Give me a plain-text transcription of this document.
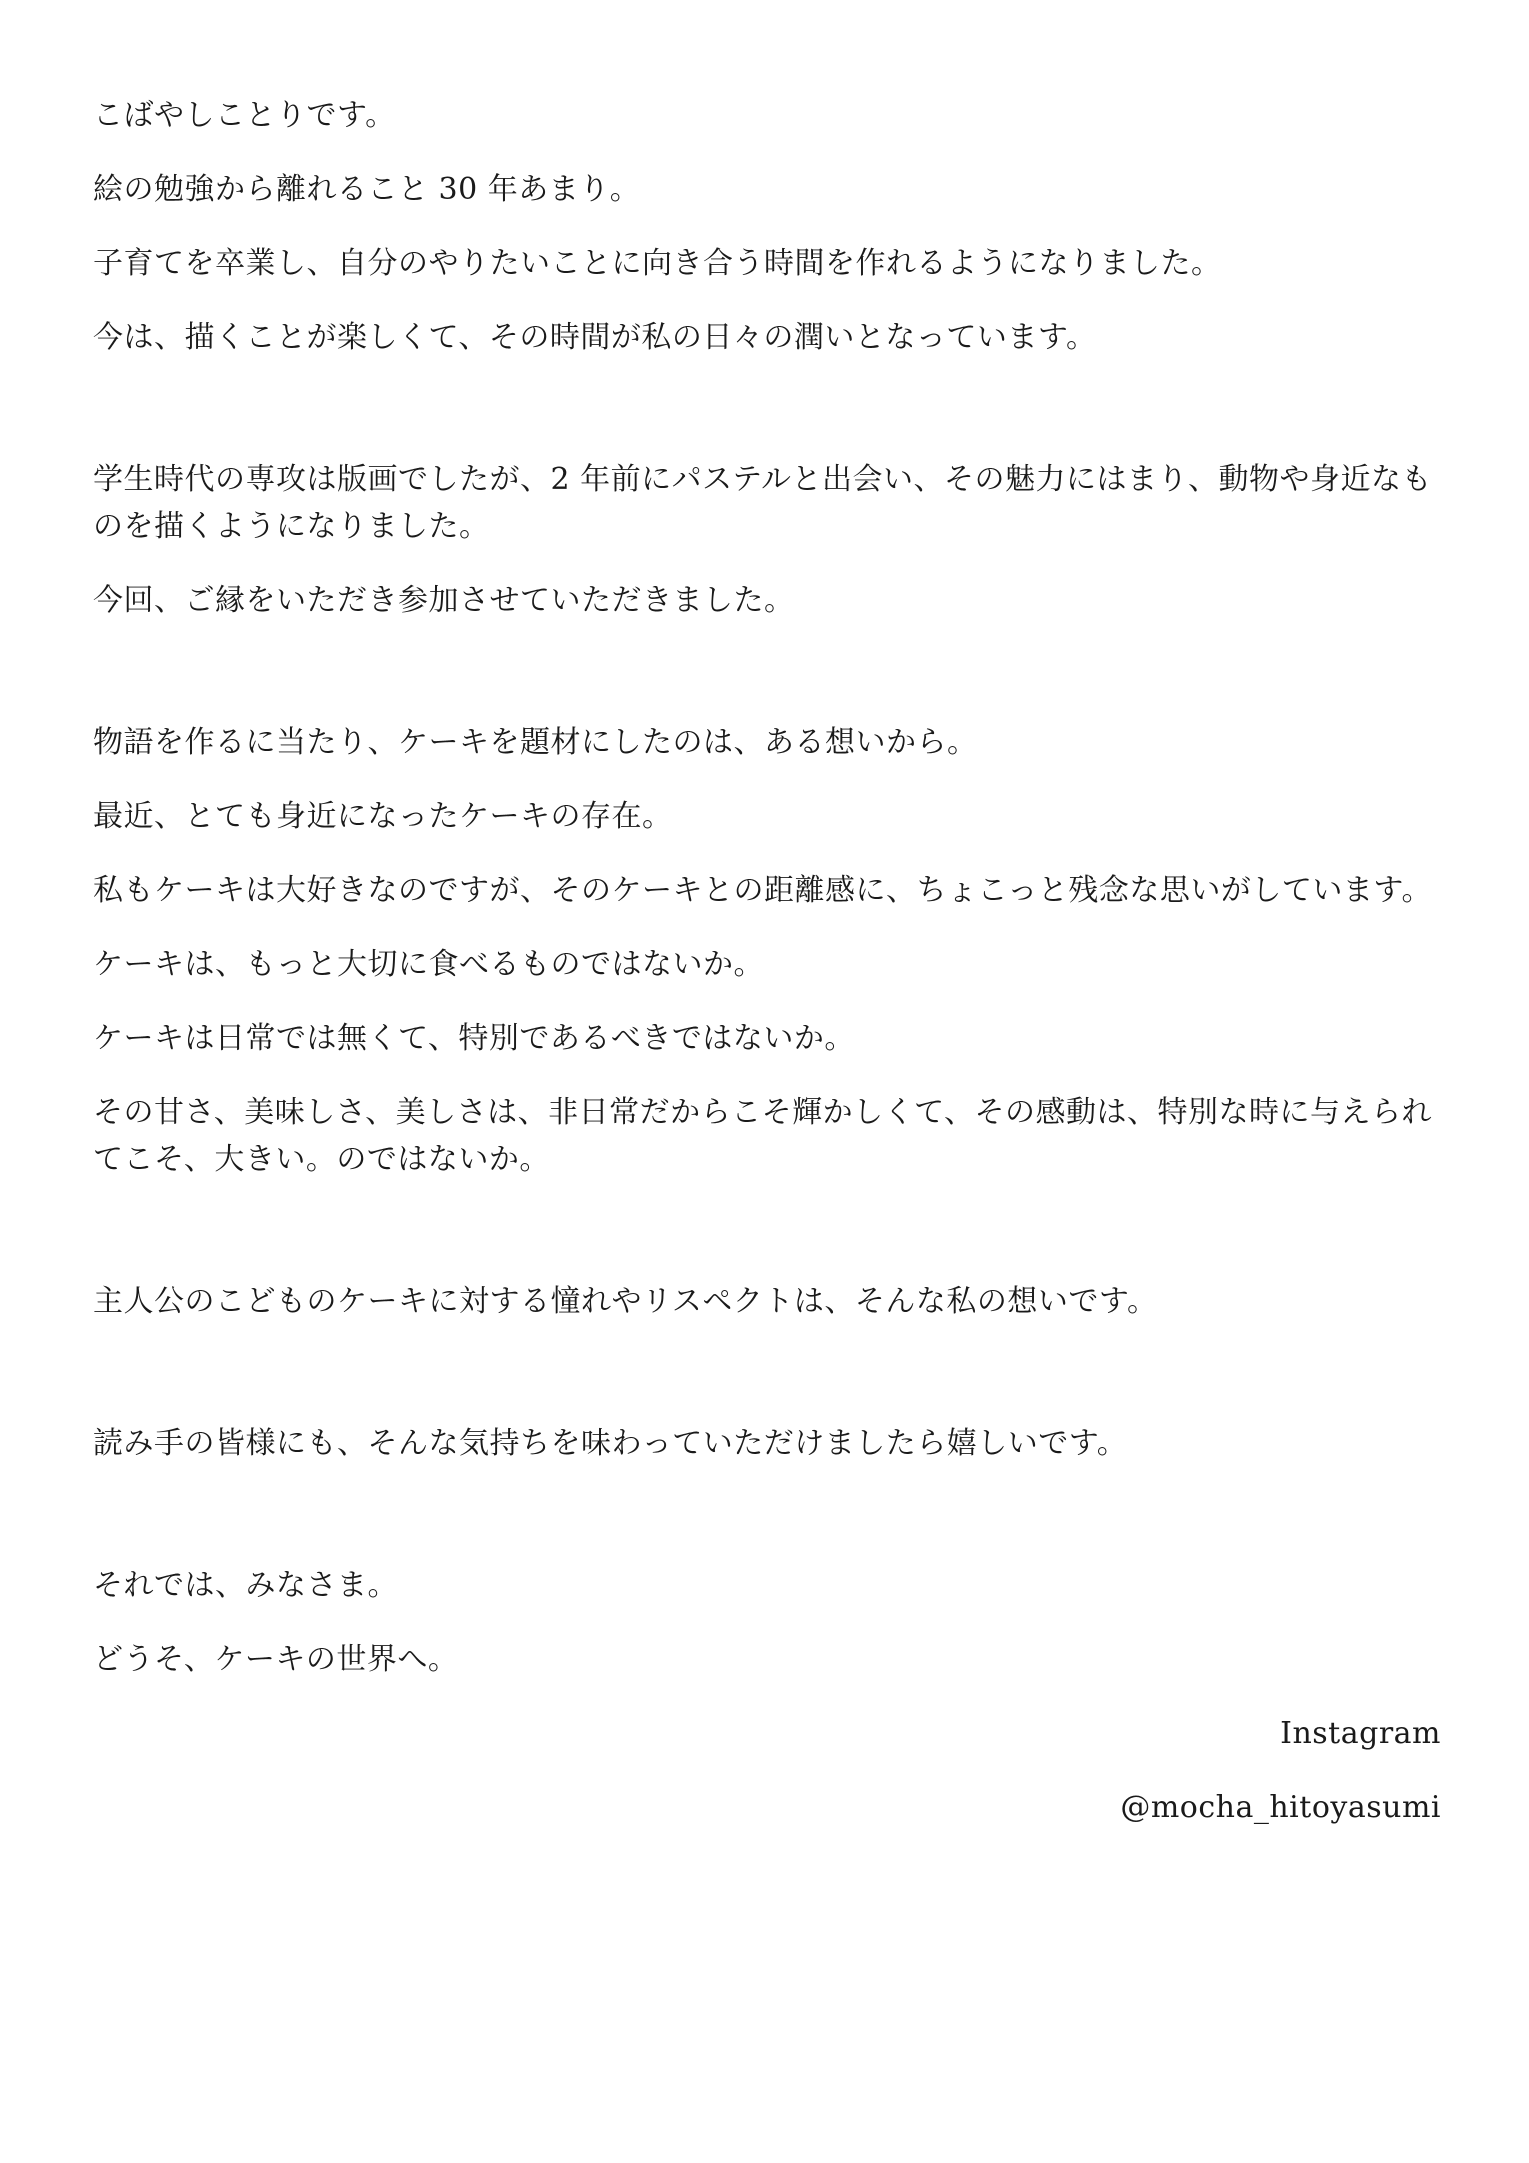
こばやしことりです。

絵の勉強から離れること 30 年あまり。

子育てを卒業し、自分のやりたいことに向き合う時間を作れるようになりました。

今は、描くことが楽しくて、その時間が私の日々の潤いとなっています。

学生時代の専攻は版画でしたが、2 年前にパステルと出会い、その魅力にはまり、動物や身近なも

のを描くようになりました。

今回、ご縁をいただき参加させていただきました。

物語を作るに当たり、ケーキを題材にしたのは、ある想いから。

最近、とても身近になったケーキの存在。

私もケーキは大好きなのですが、そのケーキとの距離感に、ちょこっと残念な思いがしています。

ケーキは、もっと大切に食べるものではないか。

ケーキは日常では無くて、特別であるべきではないか。

その甘さ、美味しさ、美しさは、非日常だからこそ輝かしくて、その感動は、特別な時に与えられ

てこそ、大きい。のではないか。

主人公のこどものケーキに対する憧れやリスペクトは、そんな私の想いです。

読み手の皆様にも、そんな気持ちを味わっていただけましたら嬉しいです。

それでは、みなさま。

どうそ、ケーキの世界へ。

Instagram

@mocha_hitoyasumi
